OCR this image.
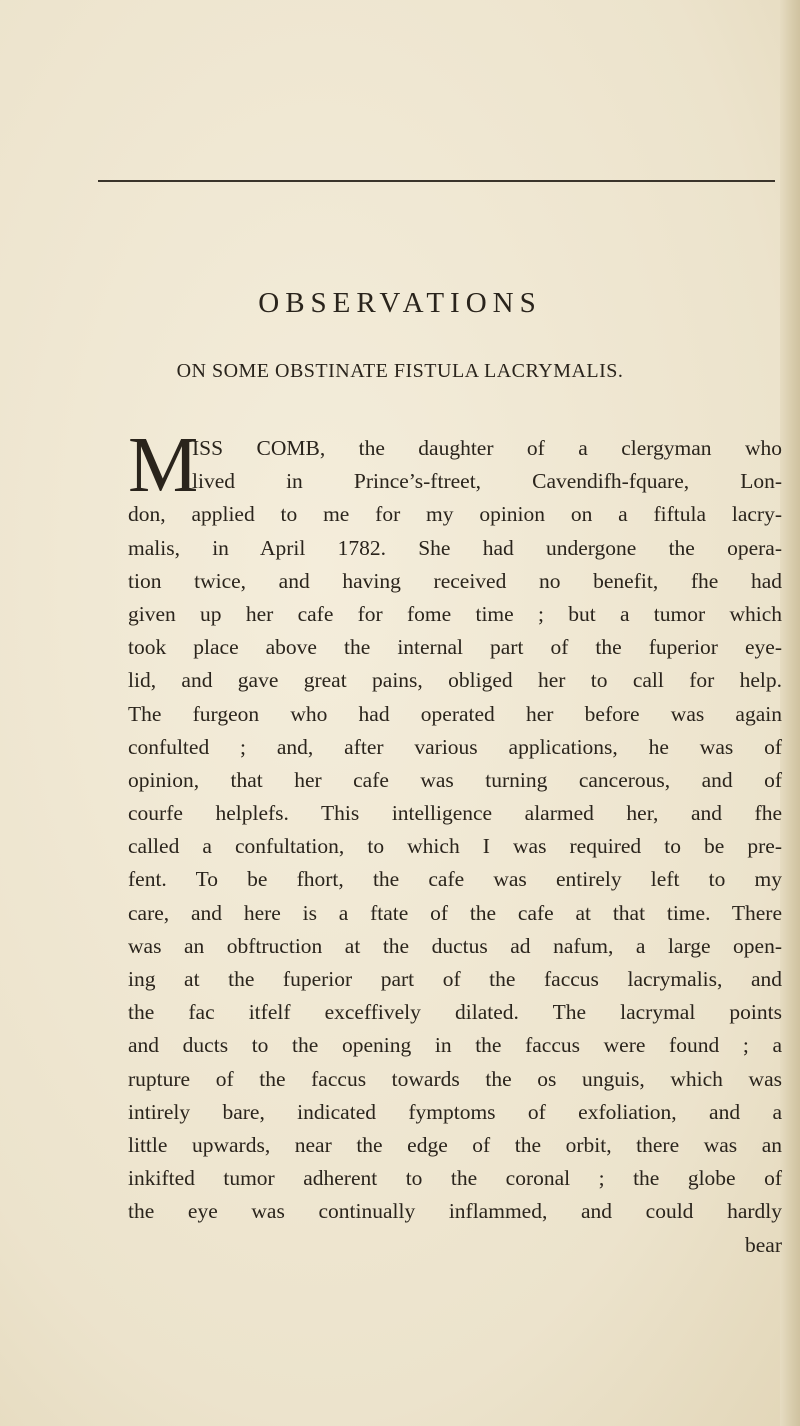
OBSERVATIONS
ON SOME OBSTINATE FISTULA LACRYMALIS.
M
ISS COMB, the daughter of a clergyman who
lived in Prince’s-ftreet, Cavendifh-fquare, Lon-
don, applied to me for my opinion on a fiftula lacry-
malis, in April 1782. She had undergone the opera-
tion twice, and having received no benefit, fhe had
given up her cafe for fome time ; but a tumor which
took place above the internal part of the fuperior eye-
lid, and gave great pains, obliged her to call for help.
The furgeon who had operated her before was again
confulted ; and, after various applications, he was of
opinion, that her cafe was turning cancerous, and of
courfe helplefs. This intelligence alarmed her, and fhe
called a confultation, to which I was required to be pre-
fent. To be fhort, the cafe was entirely left to my
care, and here is a ftate of the cafe at that time. There
was an obftruction at the ductus ad nafum, a large open-
ing at the fuperior part of the faccus lacrymalis, and
the fac itfelf exceffively dilated. The lacrymal points
and ducts to the opening in the faccus were found ; a
rupture of the faccus towards the os unguis, which was
intirely bare, indicated fymptoms of exfoliation, and a
little upwards, near the edge of the orbit, there was an
inkifted tumor adherent to the coronal ; the globe of
the eye was continually inflammed, and could hardly
bear
